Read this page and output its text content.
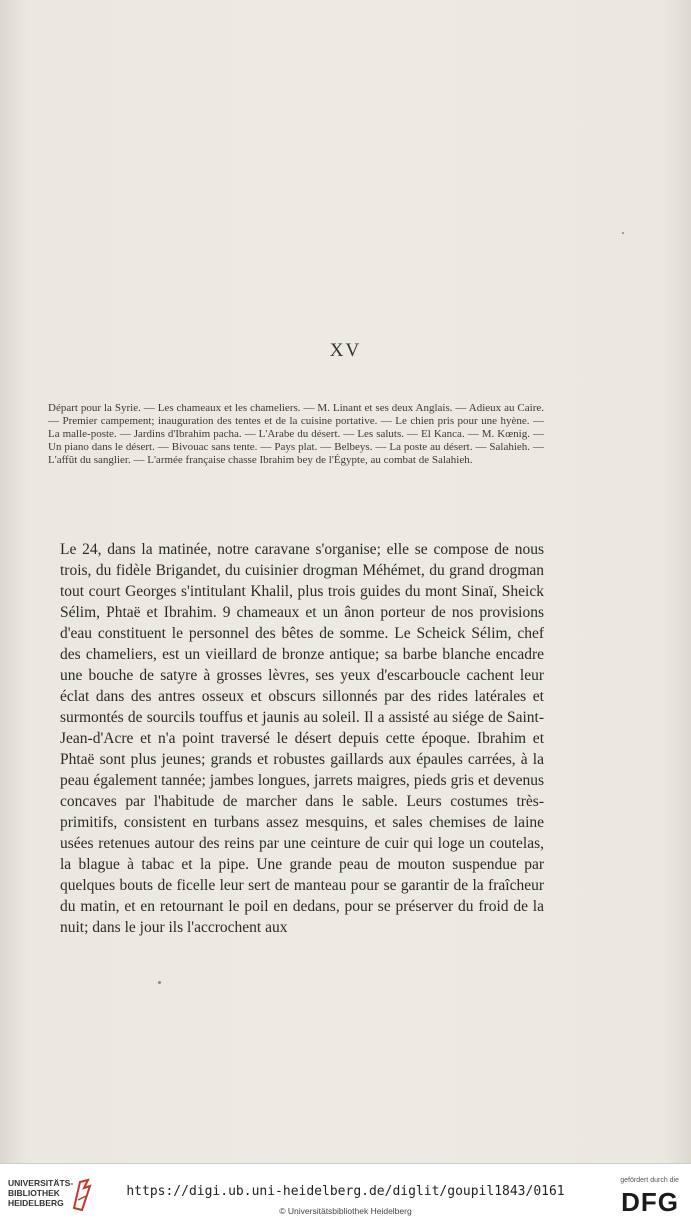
XV
Départ pour la Syrie. — Les chameaux et les chameliers. — M. Linant et ses deux Anglais. — Adieux au Caire. — Premier campement; inauguration des tentes et de la cuisine portative. — Le chien pris pour une hyène. — La malle-poste. — Jardins d'Ibrahim pacha. — L'Arabe du désert. — Les saluts. — El Kanca. — M. Kœnig. — Un piano dans le désert. — Bivouac sans tente. — Pays plat. — Belbeys. — La poste au désert. — Salahieh. — L'affût du sanglier. — L'armée française chasse Ibrahim bey de l'Égypte, au combat de Salahieh.

Le 24, dans la matinée, notre caravane s'organise; elle se compose de nous trois, du fidèle Brigandet, du cuisinier drogman Méhémet, du grand drogman tout court Georges s'intitulant Khalil, plus trois guides du mont Sinaï, Sheick Sélim, Phtaë et Ibrahim. 9 chameaux et un ânon porteur de nos provisions d'eau constituent le personnel des bêtes de somme. Le Scheick Sélim, chef des chameliers, est un vieillard de bronze antique; sa barbe blanche encadre une bouche de satyre à grosses lèvres, ses yeux d'escarboucle cachent leur éclat dans des antres osseux et obscurs sillonnés par des rides latérales et surmontés de sourcils touffus et jaunis au soleil. Il a assisté au siége de Saint-Jean-d'Acre et n'a point traversé le désert depuis cette époque. Ibrahim et Phtaë sont plus jeunes; grands et robustes gaillards aux épaules carrées, à la peau également tannée; jambes longues, jarrets maigres, pieds gris et devenus concaves par l'habitude de marcher dans le sable. Leurs costumes très-primitifs, consistent en turbans assez mesquins, et sales chemises de laine usées retenues autour des reins par une ceinture de cuir qui loge un coutelas, la blague à tabac et la pipe. Une grande peau de mouton suspendue par quelques bouts de ficelle leur sert de manteau pour se garantir de la fraîcheur du matin, et en retournant le poil en dedans, pour se préserver du froid de la nuit; dans le jour ils l'accrochent aux

UNIVERSITÄTS-
BIBLIOTHEK
HEIDELBERG
https://digi.ub.uni-heidelberg.de/diglit/goupil1843/0161
© Universitätsbibliothek Heidelberg
gefördert durch die
DFG
